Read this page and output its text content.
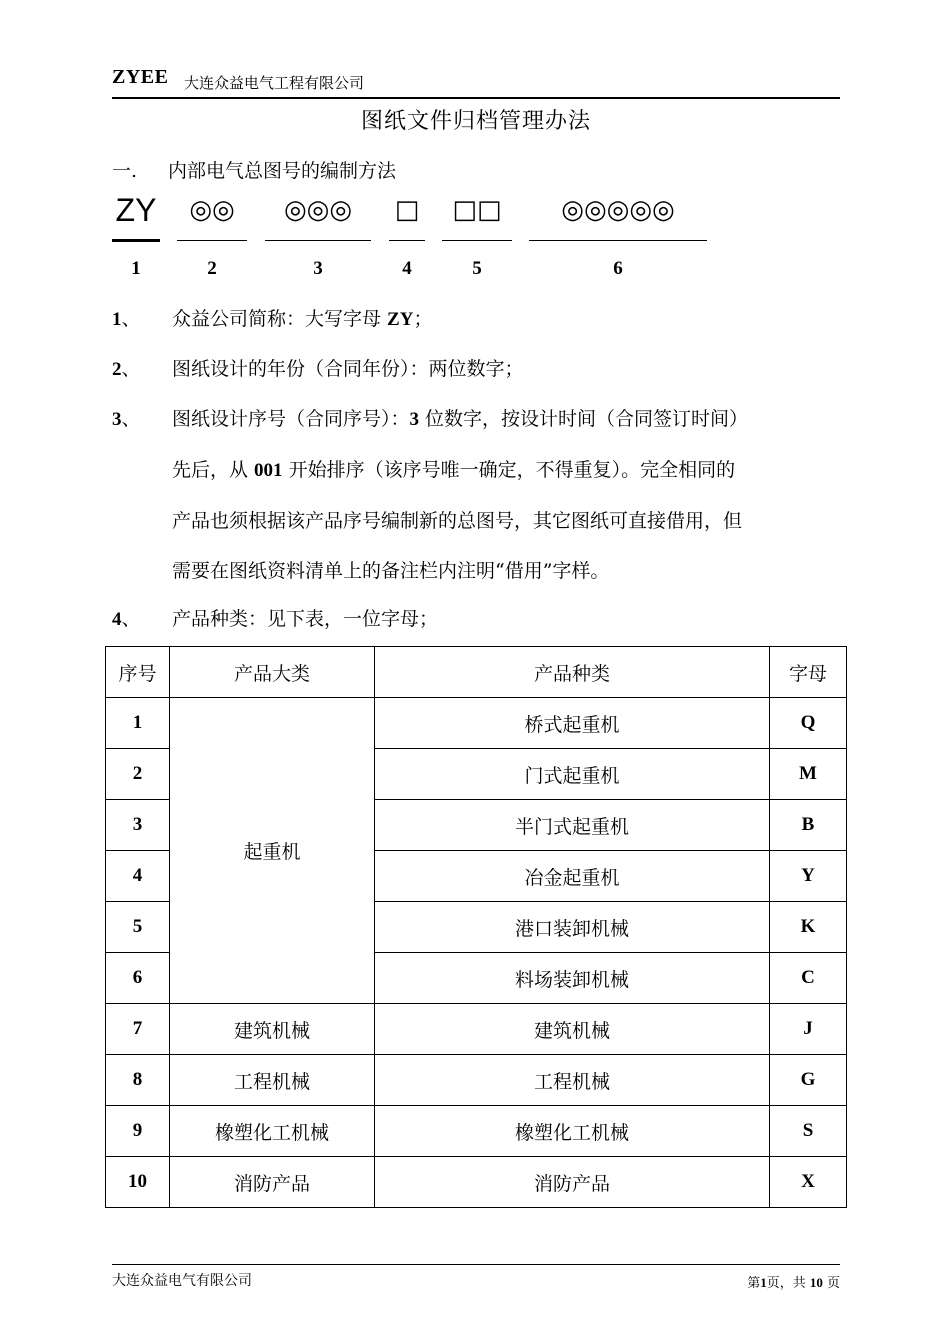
ZYEE 大连众益电气工程有限公司
图纸文件归档管理办法
一. 内部电气总图号的编制方法
ZY
1
◎◎
2
◎◎◎
3
□
4
□□
5
◎◎◎◎◎
6
1、 众益公司简称：大写字母 ZY；
2、 图纸设计的年份（合同年份）：两位数字；
3、 图纸设计序号（合同序号）：3 位数字，按设计时间（合同签订时间）
先后，从 001 开始排序（该序号唯一确定，不得重复）。完全相同的
产品也须根据该产品序号编制新的总图号，其它图纸可直接借用，但
需要在图纸资料清单上的备注栏内注明“借用”字样。
4、 产品种类：见下表，一位字母；
序号	产品大类	产品种类	字母
1	起重机	桥式起重机	Q
2		门式起重机	M
3		半门式起重机	B
4		冶金起重机	Y
5		港口装卸机械	K
6		料场装卸机械	C
7	建筑机械	建筑机械	J
8	工程机械	工程机械	G
9	橡塑化工机械	橡塑化工机械	S
10	消防产品	消防产品	X
大连众益电气有限公司	第1页，共 10 页
